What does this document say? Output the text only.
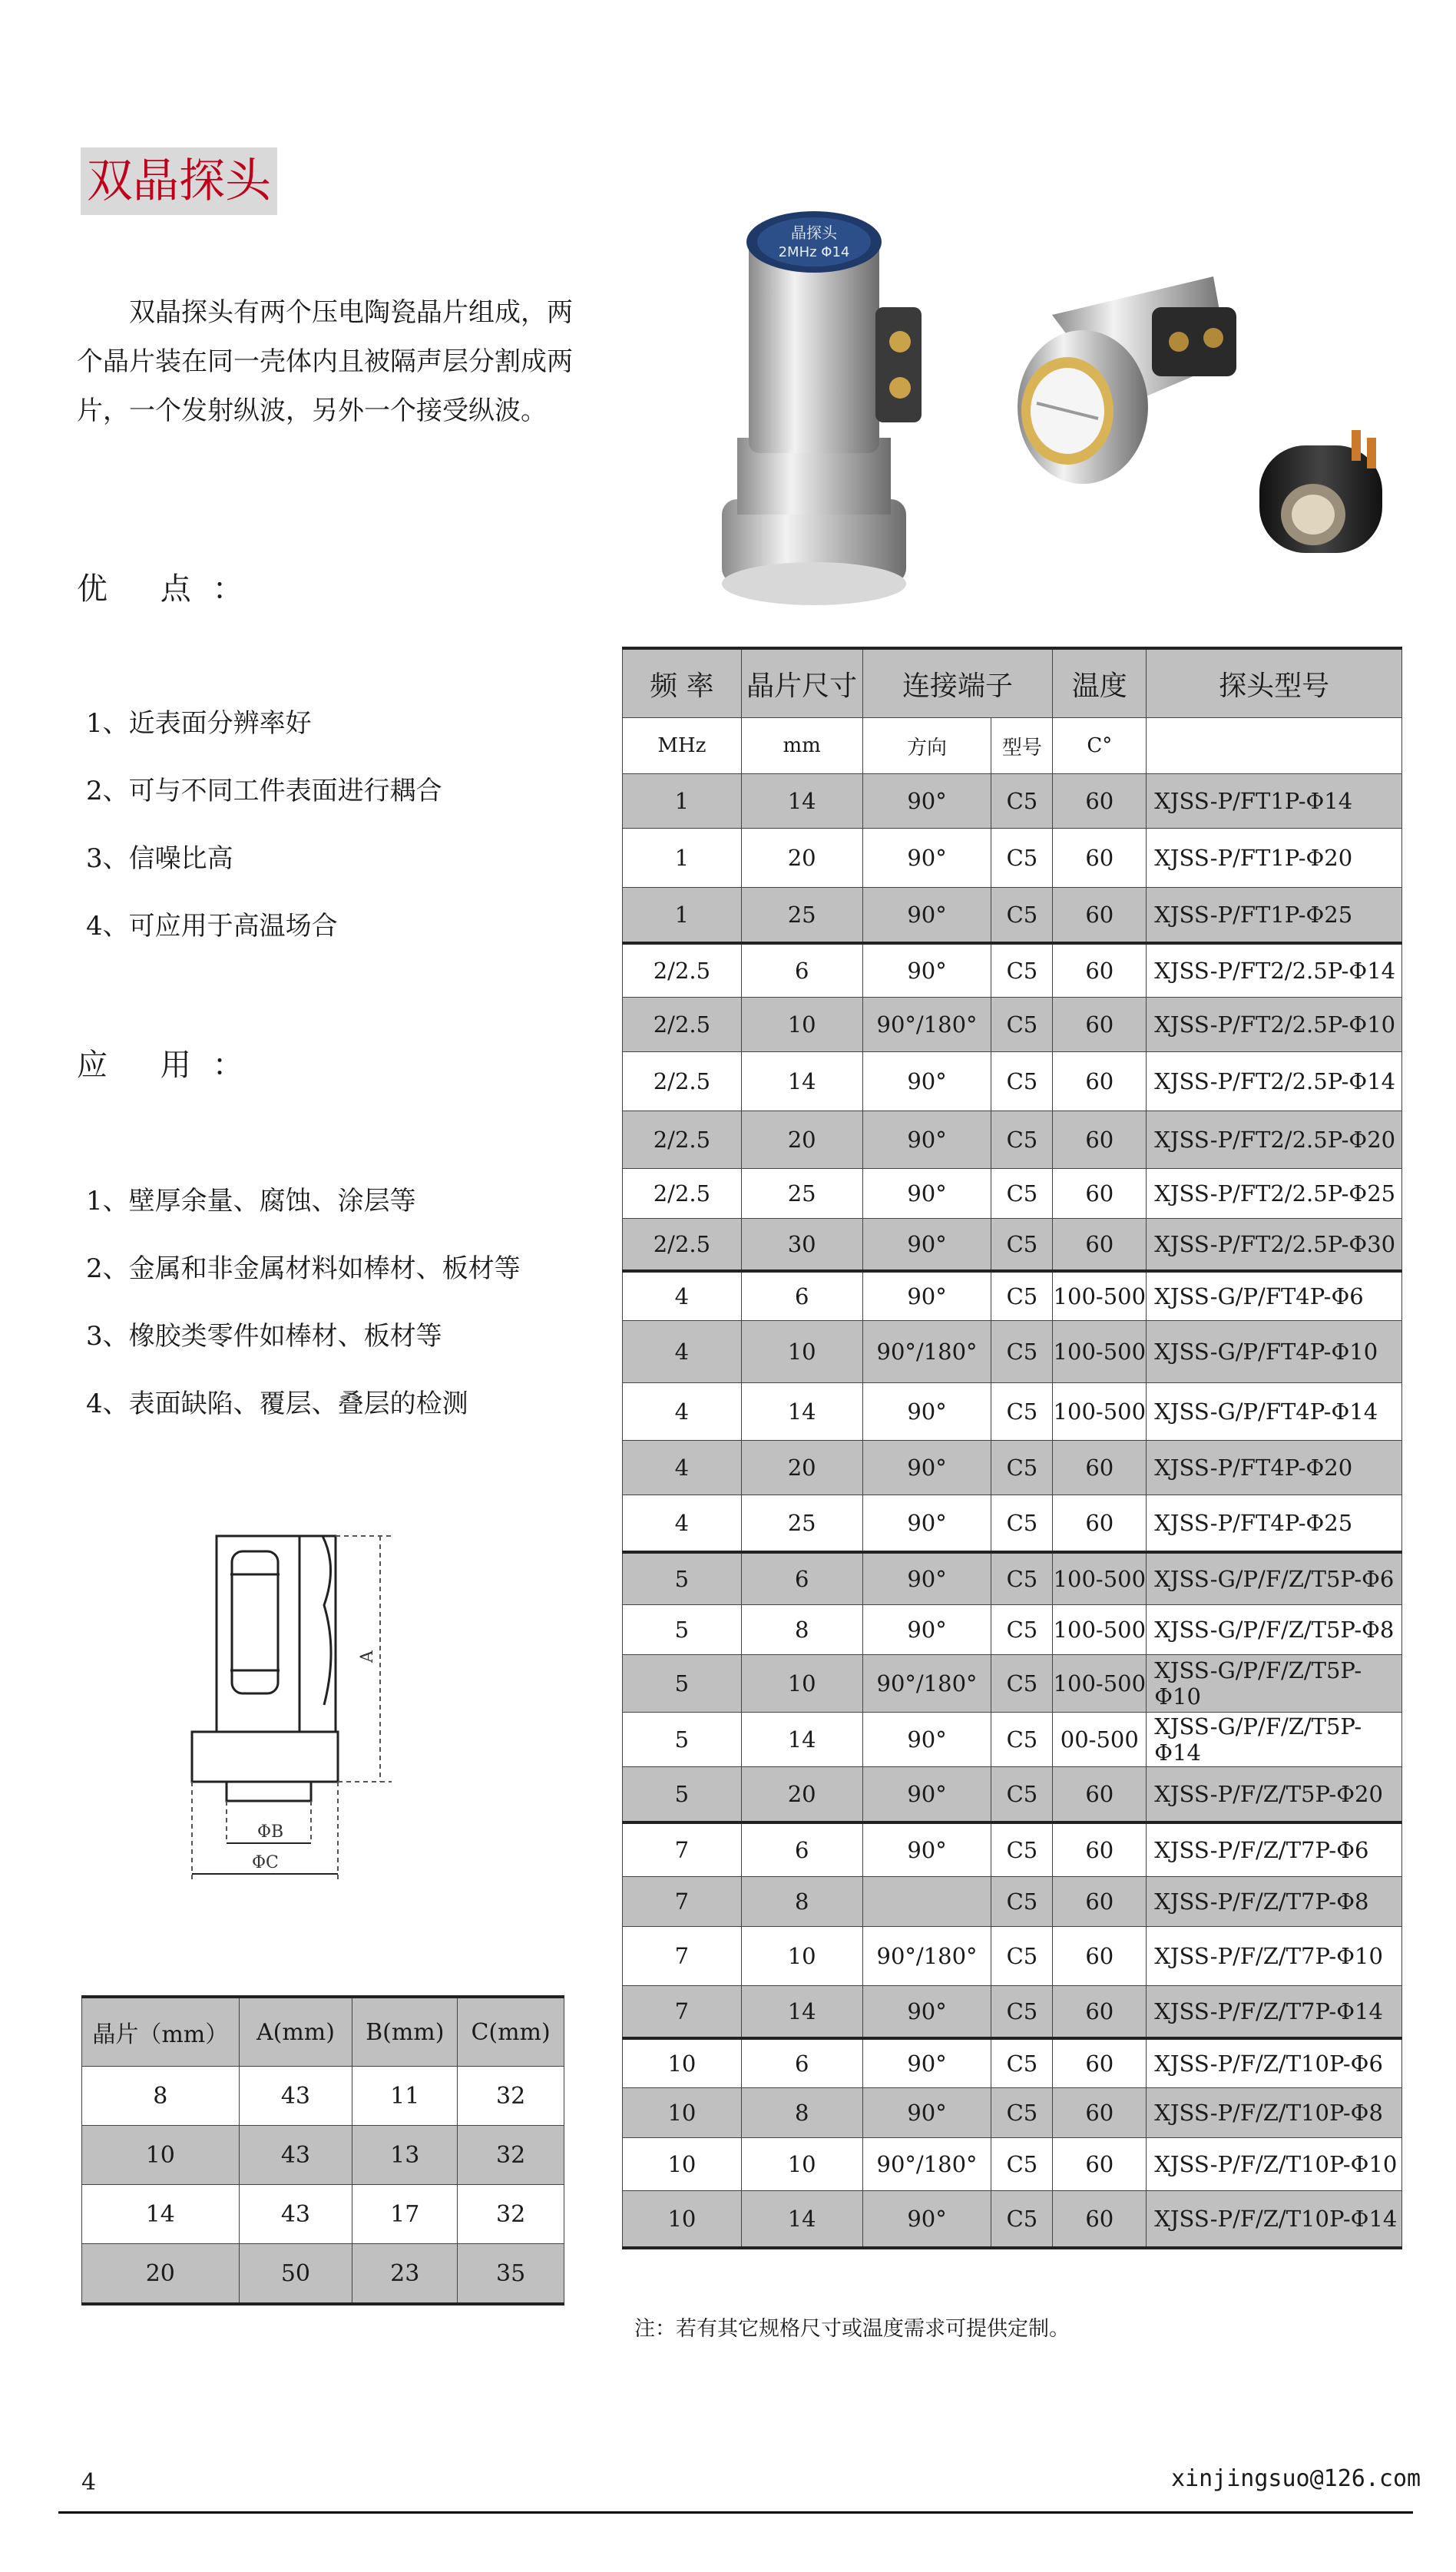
双晶探头
双晶探头有两个压电陶瓷晶片组成，两个晶片装在同一壳体内且被隔声层分割成两片，一个发射纵波，另外一个接受纵波。
优 点：
1、近表面分辨率好
2、可与不同工件表面进行耦合
3、信噪比高
4、可应用于高温场合
应 用：
1、壁厚余量、腐蚀、涂层等
2、金属和非金属材料如棒材、板材等
3、橡胶类零件如棒材、板材等
4、表面缺陷、覆层、叠层的检测
晶探头
2MHz Φ14
A
ΦB
ΦC
频 率	晶片尺寸	连接端子		温度	探头型号
MHz	mm	方向	型号	C°	
1	14	90°	C5	60	XJSS-P/FT1P-Φ14
1	20	90°	C5	60	XJSS-P/FT1P-Φ20
1	25	90°	C5	60	XJSS-P/FT1P-Φ25
2/2.5	6	90°	C5	60	XJSS-P/FT2/2.5P-Φ14
2/2.5	10	90°/180°	C5	60	XJSS-P/FT2/2.5P-Φ10
2/2.5	14	90°	C5	60	XJSS-P/FT2/2.5P-Φ14
2/2.5	20	90°	C5	60	XJSS-P/FT2/2.5P-Φ20
2/2.5	25	90°	C5	60	XJSS-P/FT2/2.5P-Φ25
2/2.5	30	90°	C5	60	XJSS-P/FT2/2.5P-Φ30
4	6	90°	C5	100-500	XJSS-G/P/FT4P-Φ6
4	10	90°/180°	C5	100-500	XJSS-G/P/FT4P-Φ10
4	14	90°	C5	100-500	XJSS-G/P/FT4P-Φ14
4	20	90°	C5	60	XJSS-P/FT4P-Φ20
4	25	90°	C5	60	XJSS-P/FT4P-Φ25
5	6	90°	C5	100-500	XJSS-G/P/F/Z/T5P-Φ6
5	8	90°	C5	100-500	XJSS-G/P/F/Z/T5P-Φ8
5	10	90°/180°	C5	100-500	XJSS-G/P/F/Z/T5P-Φ10
5	14	90°	C5	00-500	XJSS-G/P/F/Z/T5P-Φ14
5	20	90°	C5	60	XJSS-P/F/Z/T5P-Φ20
7	6	90°	C5	60	XJSS-P/F/Z/T7P-Φ6
7	8		C5	60	XJSS-P/F/Z/T7P-Φ8
7	10	90°/180°	C5	60	XJSS-P/F/Z/T7P-Φ10
7	14	90°	C5	60	XJSS-P/F/Z/T7P-Φ14
10	6	90°	C5	60	XJSS-P/F/Z/T10P-Φ6
10	8	90°	C5	60	XJSS-P/F/Z/T10P-Φ8
10	10	90°/180°	C5	60	XJSS-P/F/Z/T10P-Φ10
10	14	90°	C5	60	XJSS-P/F/Z/T10P-Φ14
晶片（mm）	A(mm)	B(mm)	C(mm)
8	43	11	32
10	43	13	32
14	43	17	32
20	50	23	35
注：若有其它规格尺寸或温度需求可提供定制。
4	xinjingsuo@126.com
